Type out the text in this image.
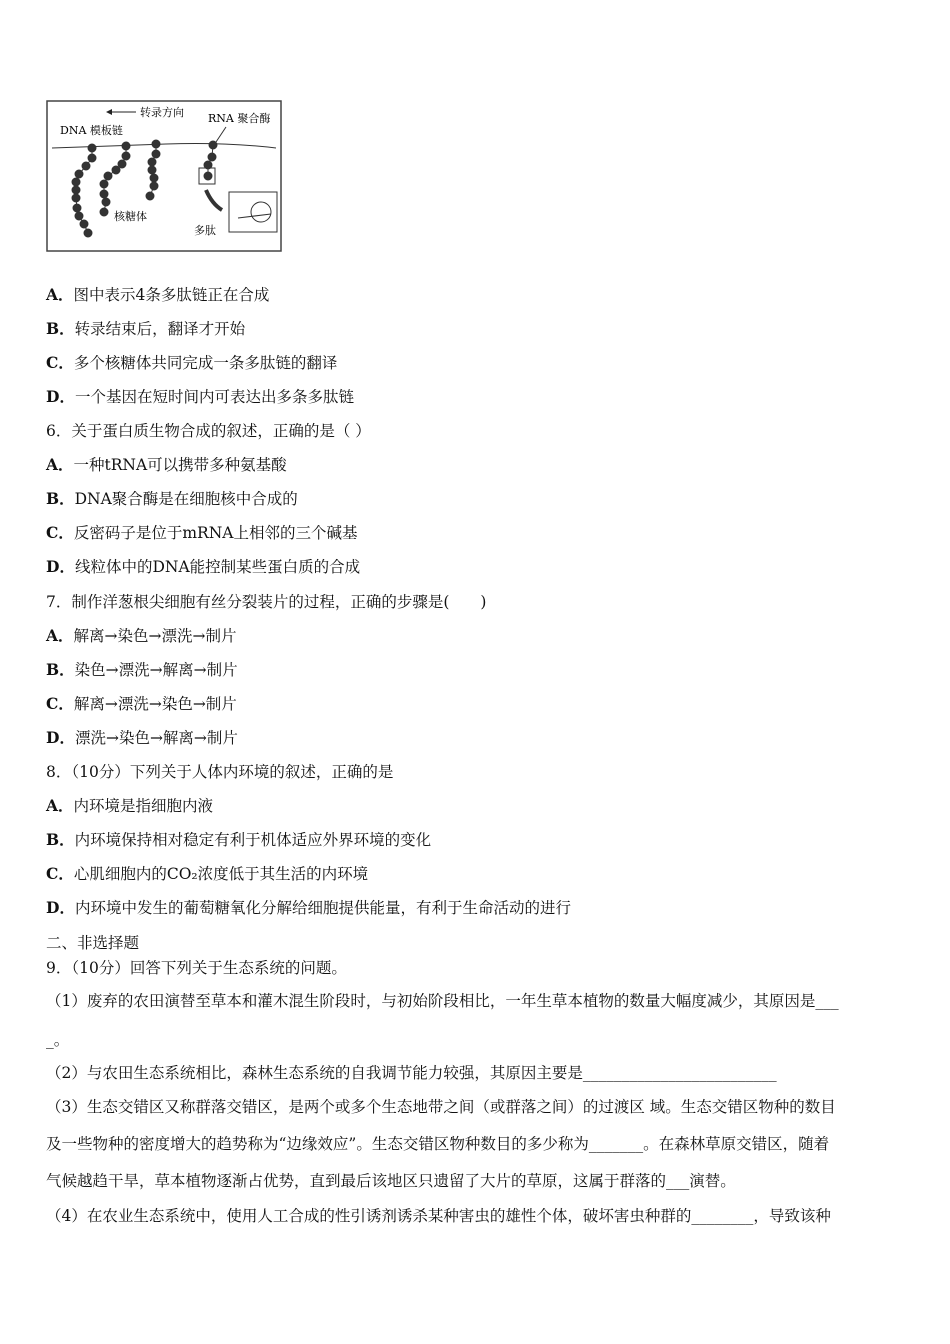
转录方向
DNA 模板链
RNA 聚合酶
核糖体
多肽
A．图中表示4条多肽链正在合成
B．转录结束后，翻译才开始
C．多个核糖体共同完成一条多肽链的翻译
D．一个基因在短时间内可表达出多条多肽链
6．关于蛋白质生物合成的叙述，正确的是（ ）
A．一种tRNA可以携带多种氨基酸
B．DNA聚合酶是在细胞核中合成的
C．反密码子是位于mRNA上相邻的三个碱基
D．线粒体中的DNA能控制某些蛋白质的合成
7．制作洋葱根尖细胞有丝分裂装片的过程，正确的步骤是(　　)
A．解离→染色→漂洗→制片
B．染色→漂洗→解离→制片
C．解离→漂洗→染色→制片
D．漂洗→染色→解离→制片
8．（10分）下列关于人体内环境的叙述，正确的是
A．内环境是指细胞内液
B．内环境保持相对稳定有利于机体适应外界环境的变化
C．心肌细胞内的CO₂浓度低于其生活的内环境
D．内环境中发生的葡萄糖氧化分解给细胞提供能量，有利于生命活动的进行
二、非选择题
9．（10分）回答下列关于生态系统的问题。
（1）废弃的农田演替至草本和灌木混生阶段时，与初始阶段相比，一年生草本植物的数量大幅度减少，其原因是___
_。
（2）与农田生态系统相比，森林生态系统的自我调节能力较强，其原因主要是_________________________
（3）生态交错区又称群落交错区，是两个或多个生态地带之间（或群落之间）的过渡区 域。生态交错区物种的数目
及一些物种的密度增大的趋势称为“边缘效应”。生态交错区物种数目的多少称为_______。在森林草原交错区，随着
气候越趋干旱，草本植物逐渐占优势，直到最后该地区只遗留了大片的草原，这属于群落的___演替。
（4）在农业生态系统中，使用人工合成的性引诱剂诱杀某种害虫的雄性个体，破坏害虫种群的________，导致该种
